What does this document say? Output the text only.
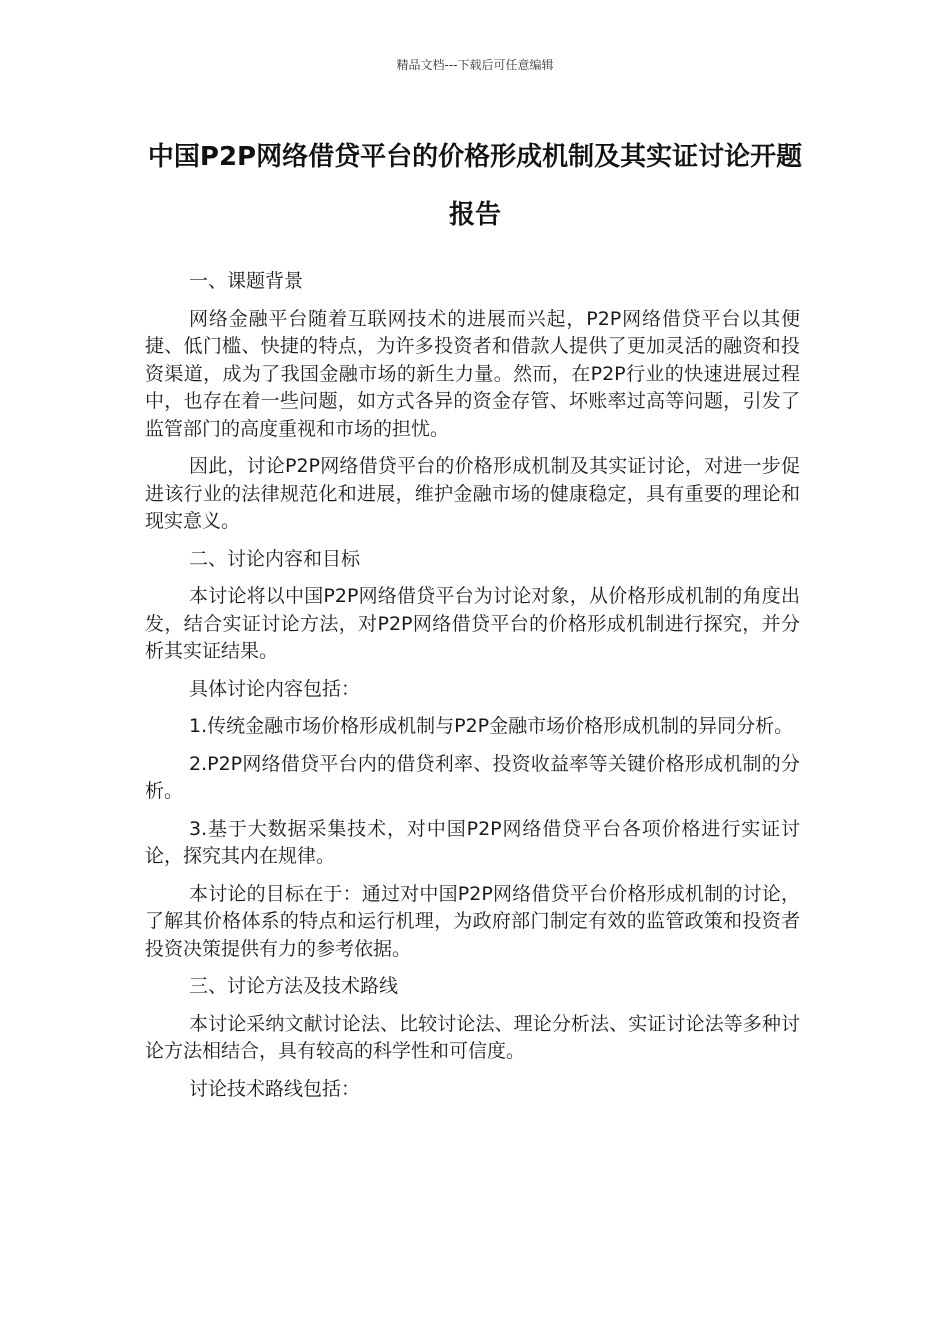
精品文档---下载后可任意编辑
中国P2P网络借贷平台的价格形成机制及其实证讨论开题报告

一、课题背景

网络金融平台随着互联网技术的进展而兴起，P2P网络借贷平台以其便捷、低门槛、快捷的特点，为许多投资者和借款人提供了更加灵活的融资和投资渠道，成为了我国金融市场的新生力量。然而，在P2P行业的快速进展过程中，也存在着一些问题，如方式各异的资金存管、坏账率过高等问题，引发了监管部门的高度重视和市场的担忧。

因此，讨论P2P网络借贷平台的价格形成机制及其实证讨论，对进一步促进该行业的法律规范化和进展，维护金融市场的健康稳定，具有重要的理论和现实意义。

二、讨论内容和目标

本讨论将以中国P2P网络借贷平台为讨论对象，从价格形成机制的角度出发，结合实证讨论方法，对P2P网络借贷平台的价格形成机制进行探究，并分析其实证结果。

具体讨论内容包括：

1.传统金融市场价格形成机制与P2P金融市场价格形成机制的异同分析。

2.P2P网络借贷平台内的借贷利率、投资收益率等关键价格形成机制的分析。

3.基于大数据采集技术，对中国P2P网络借贷平台各项价格进行实证讨论，探究其内在规律。

本讨论的目标在于：通过对中国P2P网络借贷平台价格形成机制的讨论，了解其价格体系的特点和运行机理，为政府部门制定有效的监管政策和投资者投资决策提供有力的参考依据。

三、讨论方法及技术路线

本讨论采纳文献讨论法、比较讨论法、理论分析法、实证讨论法等多种讨论方法相结合，具有较高的科学性和可信度。

讨论技术路线包括：
